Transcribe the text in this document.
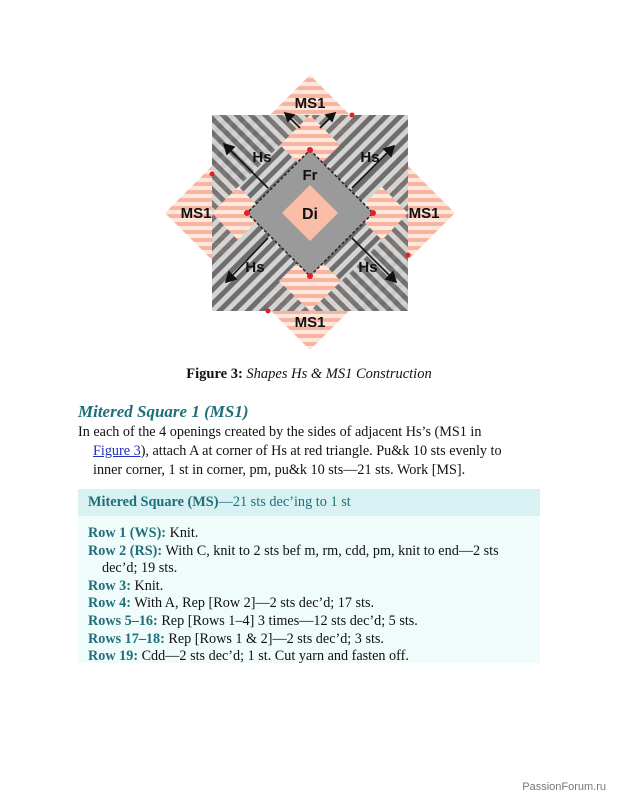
MS1
MS1	MS1
MS1
Hs	Hs
Hs	Hs
Fr
Di
Figure 3: Shapes Hs & MS1 Construction
Mitered Square 1 (MS1)
In each of the 4 openings created by the sides of adjacent Hs’s (MS1 in
Figure 3), attach A at corner of Hs at red triangle. Pu&k 10 sts evenly to
inner corner, 1 st in corner, pm, pu&k 10 sts—21 sts. Work [MS].
Mitered Square (MS)—21 sts dec’ing to 1 st
Row 1 (WS): Knit.
Row 2 (RS): With C, knit to 2 sts bef m, rm, cdd, pm, knit to end—2 sts
dec’d; 19 sts.
Row 3: Knit.
Row 4: With A, Rep [Row 2]—2 sts dec’d; 17 sts.
Rows 5–16: Rep [Rows 1–4] 3 times—12 sts dec’d; 5 sts.
Rows 17–18: Rep [Rows 1 & 2]—2 sts dec’d; 3 sts.
Row 19: Cdd—2 sts dec’d; 1 st. Cut yarn and fasten off.
PassionForum.ru
